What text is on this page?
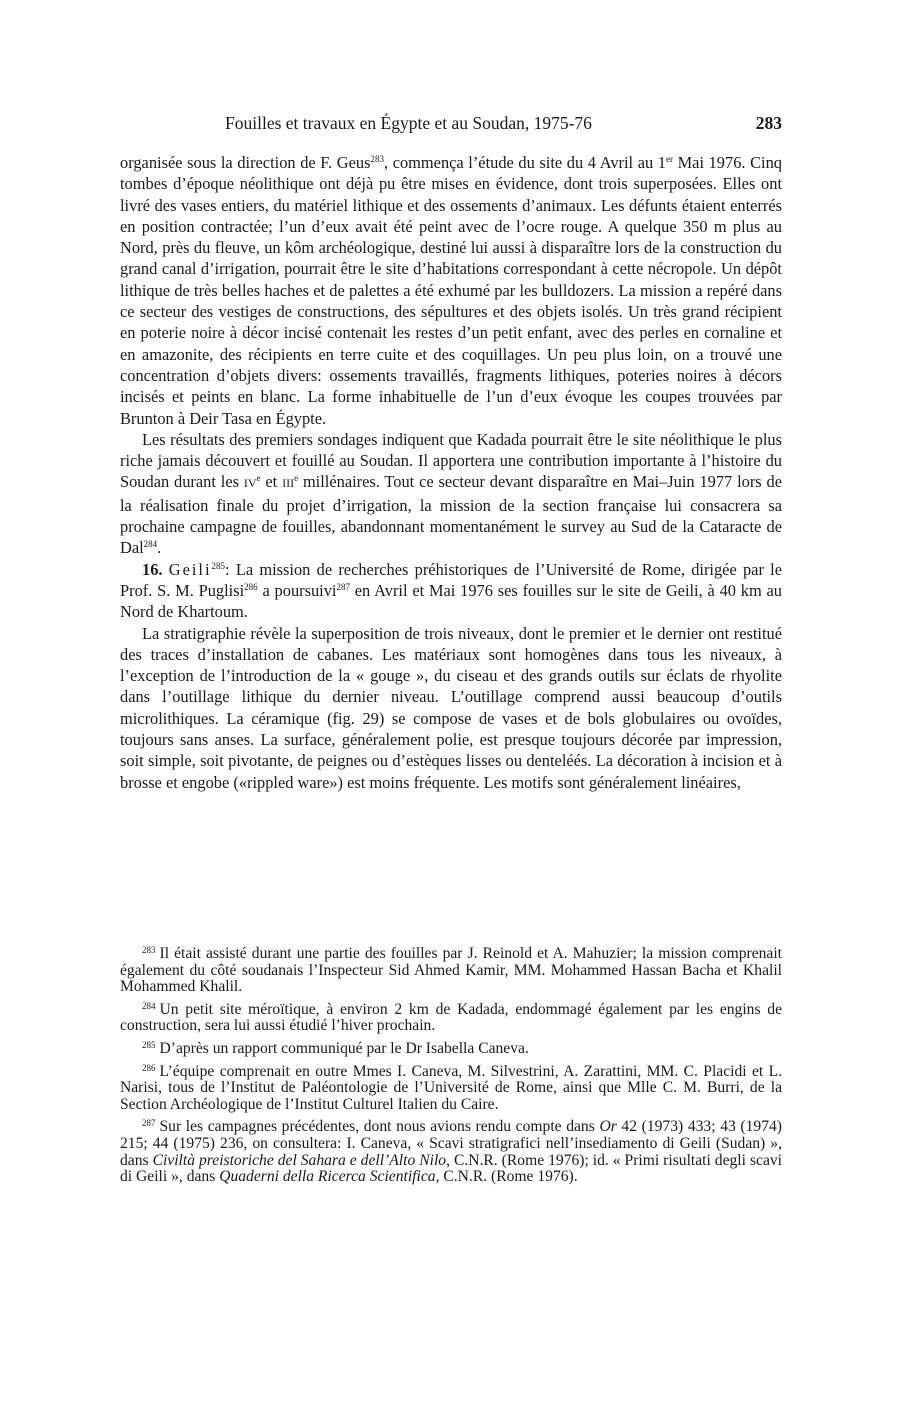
Fouilles et travaux en Égypte et au Soudan, 1975-76	283

organisée sous la direction de F. Geus$^{283}$, commença l’étude du site du 4 Avril au 1er Mai 1976. Cinq tombes d’époque néolithique ont déjà pu être mises en évidence, dont trois superposées. Elles ont livré des vases entiers, du matériel lithique et des ossements d’animaux. Les défunts étaient enterrés en position contractée; l’un d’eux avait été peint avec de l’ocre rouge. A quelque 350 m plus au Nord, près du fleuve, un kôm archéologique, destiné lui aussi à disparaître lors de la construction du grand canal d’irrigation, pourrait être le site d’habitations correspondant à cette nécropole. Un dépôt lithique de très belles haches et de palettes a été exhumé par les bulldozers. La mission a repéré dans ce secteur des vestiges de constructions, des sépultures et des objets isolés. Un très grand récipient en poterie noire à décor incisé contenait les restes d’un petit enfant, avec des perles en cornaline et en amazonite, des récipients en terre cuite et des coquillages. Un peu plus loin, on a trouvé une concentration d’objets divers: ossements travaillés, fragments lithiques, poteries noires à décors incisés et peints en blanc. La forme inhabituelle de l’un d’eux évoque les coupes trouvées par Brunton à Deir Tasa en Égypte.

Les résultats des premiers sondages indiquent que Kadada pourrait être le site néolithique le plus riche jamais découvert et fouillé au Soudan. Il apportera une contribution importante à l’histoire du Soudan durant les IVe et IIIe millénaires. Tout ce secteur devant disparaître en Mai–Juin 1977 lors de la réalisation finale du projet d’irrigation, la mission de la section française lui consacrera sa prochaine campagne de fouilles, abandonnant momentanément le survey au Sud de la Cataracte de Dal$^{284}$.

16. Geili$^{285}$: La mission de recherches préhistoriques de l’Université de Rome, dirigée par le Prof. S. M. Puglisi$^{286}$ a poursuivi$^{287}$ en Avril et Mai 1976 ses fouilles sur le site de Geili, à 40 km au Nord de Khartoum.

La stratigraphie révèle la superposition de trois niveaux, dont le premier et le dernier ont restitué des traces d’installation de cabanes. Les matériaux sont homogènes dans tous les niveaux, à l’exception de l’introduction de la « gouge », du ciseau et des grands outils sur éclats de rhyolite dans l’outillage lithique du dernier niveau. L’outillage comprend aussi beaucoup d’outils microlithiques. La céramique (fig. 29) se compose de vases et de bols globulaires ou ovoïdes, toujours sans anses. La surface, généralement polie, est presque toujours décorée par impression, soit simple, soit pivotante, de peignes ou d’estèques lisses ou denteléés. La décoration à incision et à brosse et engobe («rippled ware») est moins fréquente. Les motifs sont généralement linéaires,

$^{283}$ Il était assisté durant une partie des fouilles par J. Reinold et A. Mahuzier; la mission comprenait également du côté soudanais l’Inspecteur Sid Ahmed Kamir, MM. Mohammed Hassan Bacha et Khalil Mohammed Khalil.

$^{284}$ Un petit site méroïtique, à environ 2 km de Kadada, endommagé également par les engins de construction, sera lui aussi étudié l’hiver prochain.

$^{285}$ D’après un rapport communiqué par le Dr Isabella Caneva.

$^{286}$ L’équipe comprenait en outre Mmes I. Caneva, M. Silvestrini, A. Zarattini, MM. C. Placidi et L. Narisi, tous de l’Institut de Paléontologie de l’Université de Rome, ainsi que Mlle C. M. Burri, de la Section Archéologique de l’Institut Culturel Italien du Caire.

$^{287}$ Sur les campagnes précédentes, dont nous avions rendu compte dans Or 42 (1973) 433; 43 (1974) 215; 44 (1975) 236, on consultera: I. Caneva, « Scavi stratigrafici nell’insediamento di Geili (Sudan) », dans Civiltà preistoriche del Sahara e dell’Alto Nilo, C.N.R. (Rome 1976); id. « Primi risultati degli scavi di Geili », dans Quaderni della Ricerca Scientifica, C.N.R. (Rome 1976).
